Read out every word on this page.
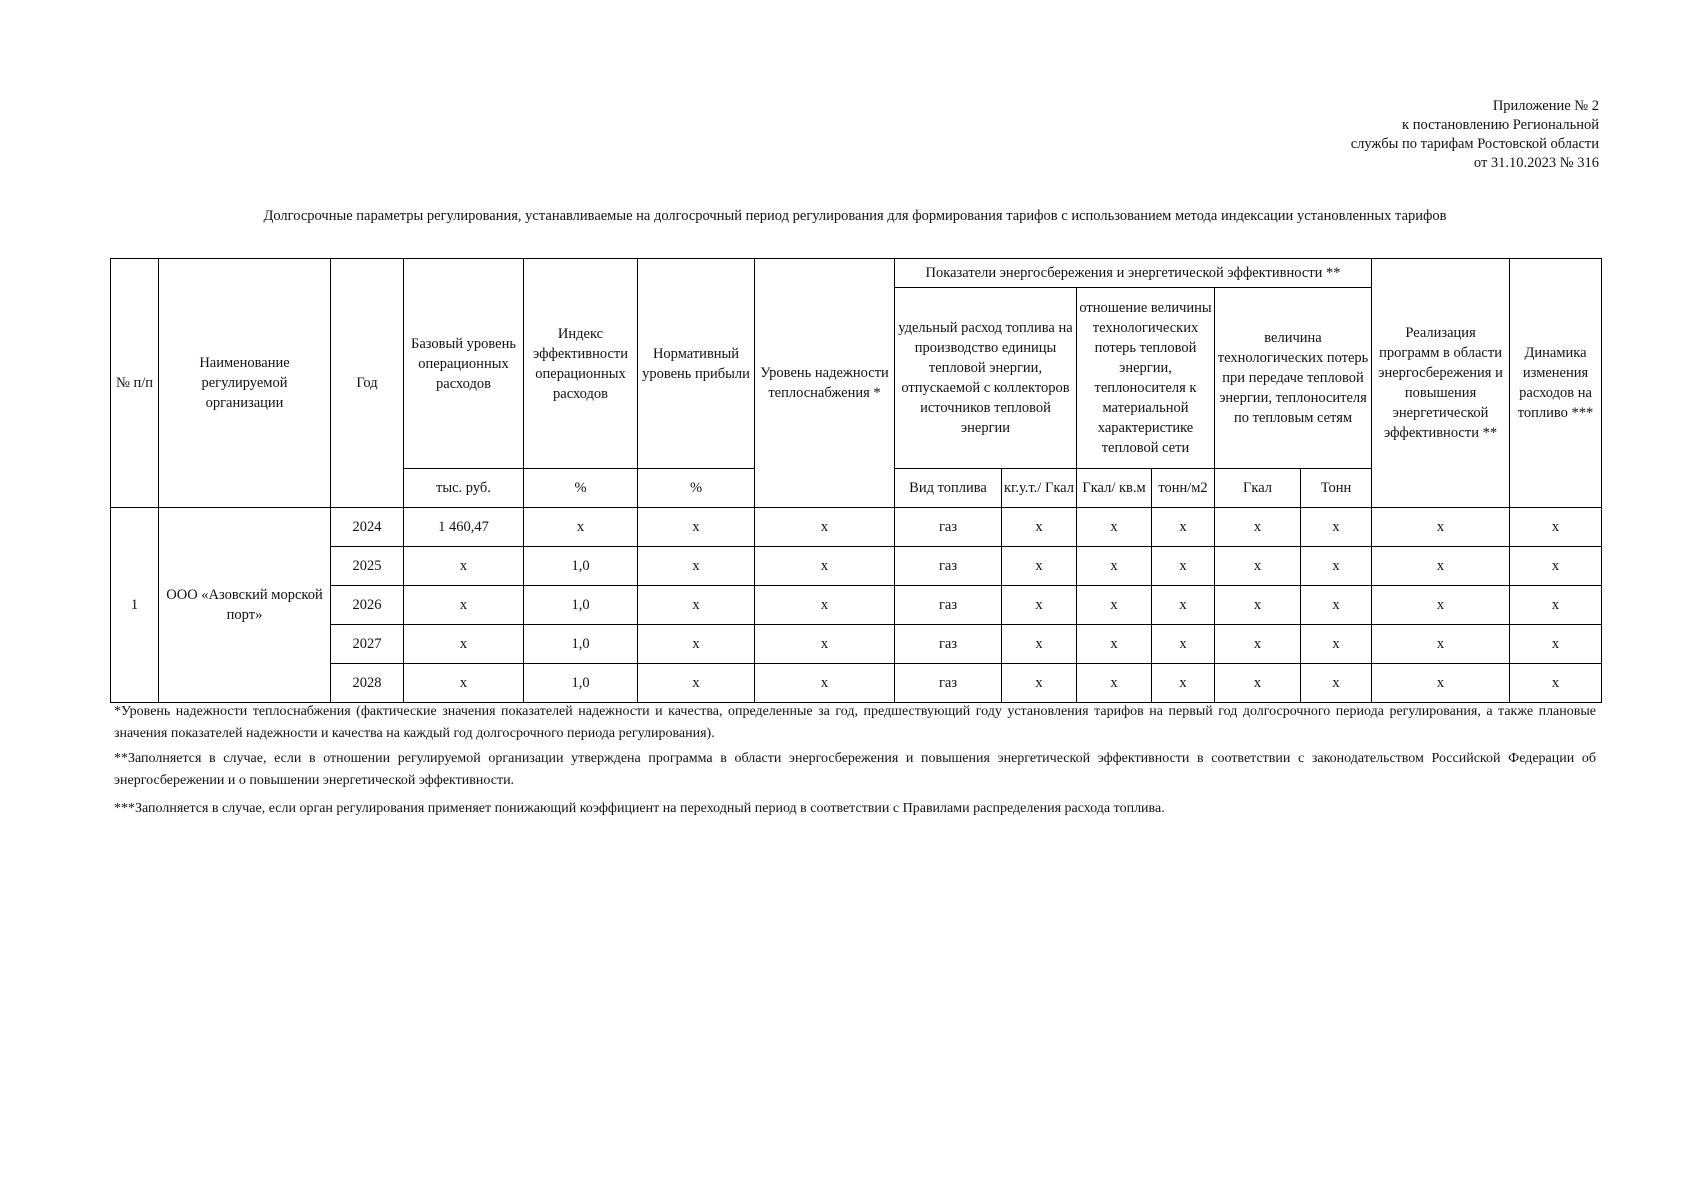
Приложение № 2
к постановлению Региональной
службы по тарифам Ростовской области
от 31.10.2023 № 316
Долгосрочные параметры регулирования, устанавливаемые на долгосрочный период регулирования для формирования тарифов с использованием метода индексации установленных тарифов
№ п/п	Наименование регулируемой организации	Год	Базовый уровень операционных расходов	Индекс эффективности операционных расходов	Нормативный уровень прибыли	Уровень надежности теплоснабжения *	Показатели энергосбережения и энергетической эффективности **						Реализация программ в области энергосбережения и повышения энергетической эффективности **	Динамика изменения расходов на топливо ***
							удельный расход топлива на производство единицы тепловой энергии, отпускаемой с коллекторов источников тепловой энергии		отношение величины технологических потерь тепловой энергии, теплоносителя к материальной характеристике тепловой сети		величина технологических потерь при передаче тепловой энергии, теплоносителя по тепловым сетям			
			тыс. руб.	%	%		Вид топлива	кг.у.т./ Гкал	Гкал/ кв.м	тонн/м2	Гкал	Тонн		
1	ООО «Азовский морской порт»	2024	1 460,47	x	x	x	газ	x	x	x	x	x	x	x
		2025	x	1,0	x	x	газ	x	x	x	x	x	x	x
		2026	x	1,0	x	x	газ	x	x	x	x	x	x	x
		2027	x	1,0	x	x	газ	x	x	x	x	x	x	x
		2028	x	1,0	x	x	газ	x	x	x	x	x	x	x

*Уровень надежности теплоснабжения (фактические значения показателей надежности и качества, определенные за год, предшествующий году установления тарифов на первый год долгосрочного периода регулирования, а также плановые значения показателей надежности и качества на каждый год долгосрочного периода регулирования).

**Заполняется в случае, если в отношении регулируемой организации утверждена программа в области энергосбережения и повышения энергетической эффективности в соответствии с законодательством Российской Федерации об энергосбережении и о повышении энергетической эффективности.

***Заполняется в случае, если орган регулирования применяет понижающий коэффициент на переходный период в соответствии с Правилами распределения расхода топлива.
